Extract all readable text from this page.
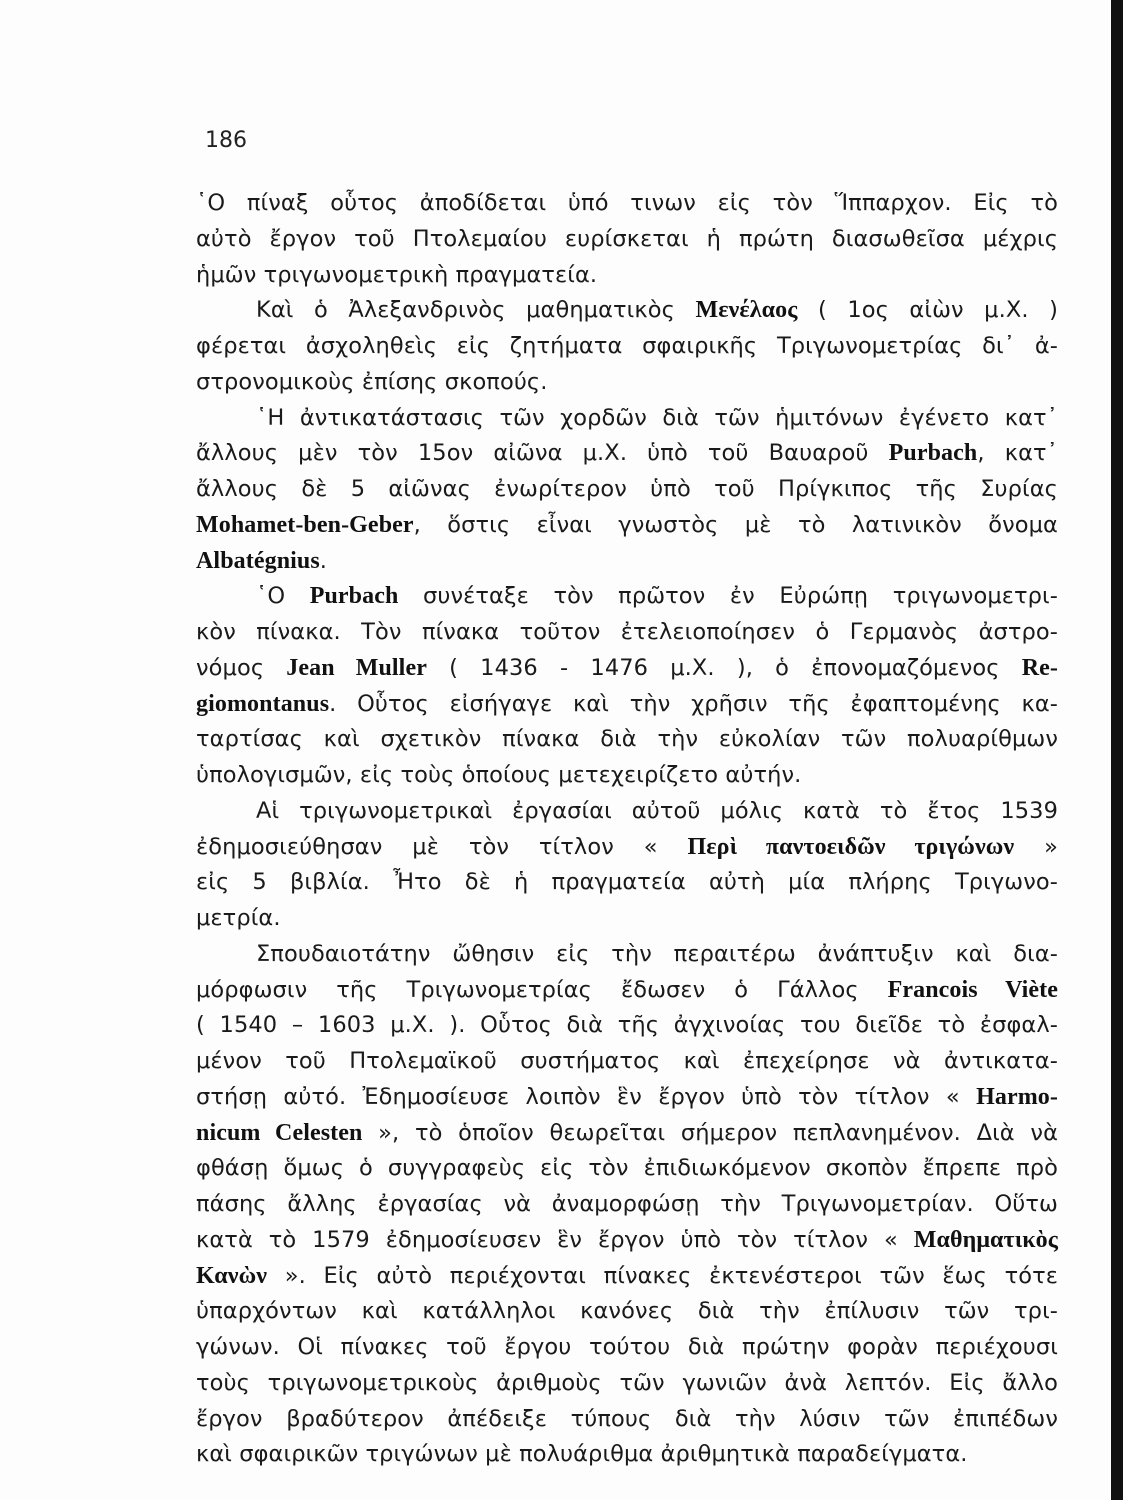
186
῾Ο πίναξ οὗτος ἀποδίδεται ὑπό τινων εἰς τὸν Ἵππαρχον. Εἰς τὸ
αὐτὸ ἔργον τοῦ Πτολεμαίου ευρίσκεται ἡ πρώτη διασωθεῖσα μέχρις
ἡμῶν τριγωνομετρικὴ πραγματεία.
Καὶ ὁ Ἀλεξανδρινὸς μαθηματικὸς Μενέλαος ( 1ος αἰὼν μ.Χ. )
φέρεται ἀσχοληθεὶς εἰς ζητήματα σφαιρικῆς Τριγωνομετρίας δι᾿ ἀ-
στρονομικοὺς ἐπίσης σκοπούς.
῾Η ἀντικατάστασις τῶν χορδῶν διὰ τῶν ἡμιτόνων ἐγένετο κατ᾿
ἄλλους μὲν τὸν 15ον αἰῶνα μ.Χ. ὑπὸ τοῦ Βαυαροῦ Purbach, κατ᾿
ἄλλους δὲ 5 αἰῶνας ἐνωρίτερον ὑπὸ τοῦ Πρίγκιπος τῆς Συρίας
Mohamet-ben-Geber, ὅστις εἶναι γνωστὸς μὲ τὸ λατινικὸν ὄνομα
Albatégnius.
῾Ο Purbach συνέταξε τὸν πρῶτον ἐν Εὐρώπῃ τριγωνομετρι-
κὸν πίνακα. Τὸν πίνακα τοῦτον ἐτελειοποίησεν ὁ Γερμανὸς ἀστρο-
νόμος Jean Muller ( 1436 - 1476 μ.Χ. ), ὁ ἐπονομαζόμενος Re-
giomontanus. Οὗτος εἰσήγαγε καὶ τὴν χρῆσιν τῆς ἐφαπτομένης κα-
ταρτίσας καὶ σχετικὸν πίνακα διὰ τὴν εὐκολίαν τῶν πολυαρίθμων
ὑπολογισμῶν, εἰς τοὺς ὁποίους μετεχειρίζετο αὐτήν.
Αἱ τριγωνομετρικαὶ ἐργασίαι αὐτοῦ μόλις κατὰ τὸ ἔτος 1539
ἐδημοσιεύθησαν μὲ τὸν τίτλον « Περὶ παντοειδῶν τριγώνων »
εἰς 5 βιβλία. Ἦτο δὲ ἡ πραγματεία αὐτὴ μία πλήρης Τριγωνο-
μετρία.
Σπουδαιοτάτην ὤθησιν εἰς τὴν περαιτέρω ἀνάπτυξιν καὶ δια-
μόρφωσιν τῆς Τριγωνομετρίας ἔδωσεν ὁ Γάλλος Francois Viète
( 1540 – 1603 μ.Χ. ). Οὗτος διὰ τῆς ἀγχινοίας του διεῖδε τὸ ἐσφαλ-
μένον τοῦ Πτολεμαϊκοῦ συστήματος καὶ ἐπεχείρησε νὰ ἀντικατα-
στήσῃ αὐτό. Ἐδημοσίευσε λοιπὸν ἓν ἔργον ὑπὸ τὸν τίτλον « Harmo-
nicum Celesten », τὸ ὁποῖον θεωρεῖται σήμερον πεπλανημένον. Διὰ νὰ
φθάσῃ ὅμως ὁ συγγραφεὺς εἰς τὸν ἐπιδιωκόμενον σκοπὸν ἔπρεπε πρὸ
πάσης ἄλλης ἐργασίας νὰ ἀναμορφώσῃ τὴν Τριγωνομετρίαν. Οὕτω
κατὰ τὸ 1579 ἐδημοσίευσεν ἓν ἔργον ὑπὸ τὸν τίτλον « Μαθηματικὸς
Κανὼν ». Εἰς αὐτὸ περιέχονται πίνακες ἐκτενέστεροι τῶν ἕως τότε
ὑπαρχόντων καὶ κατάλληλοι κανόνες διὰ τὴν ἐπίλυσιν τῶν τρι-
γώνων. Οἱ πίνακες τοῦ ἔργου τούτου διὰ πρώτην φορὰν περιέχουσι
τοὺς τριγωνομετρικοὺς ἀριθμοὺς τῶν γωνιῶν ἀνὰ λεπτόν. Εἰς ἄλλο
ἔργον βραδύτερον ἀπέδειξε τύπους διὰ τὴν λύσιν τῶν ἐπιπέδων
καὶ σφαιρικῶν τριγώνων μὲ πολυάριθμα ἀριθμητικὰ παραδείγματα.
